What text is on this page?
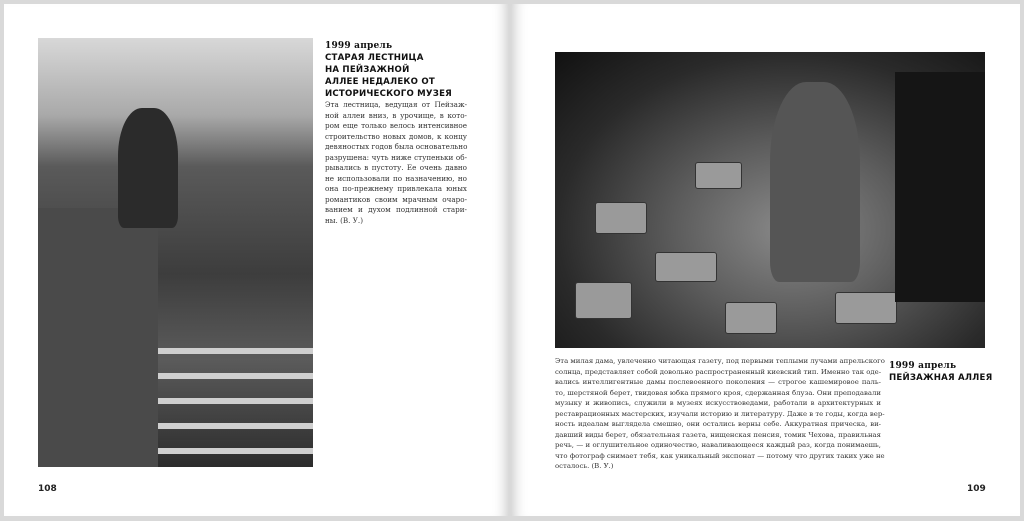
1999 апрель
СТАРАЯ ЛЕСТНИЦА
НА ПЕЙЗАЖНОЙ
АЛЛЕЕ НЕДАЛЕКО ОТ
ИСТОРИЧЕСКОГО МУЗЕЯ
Эта лестница, ведущая от Пейзаж-
ной аллеи вниз, в урочище, в кото-
ром еще только велось интенсивное
строительство новых домов, к концу
девяностых годов была основательно
разрушена: чуть ниже ступеньки об-
рывались в пустоту. Ее очень давно
не использовали по назначению, но
она по-прежнему привлекала юных
романтиков своим мрачным очаро-
ванием и духом подлинной стари-
ны. (В. У.)
108
Эта милая дама, увлеченно читающая газету, под первыми теплыми лучами апрельского
солнца, представляет собой довольно распространенный киевский тип. Именно так оде-
вались интеллигентные дамы послевоенного поколения — строгое кашемировое паль-
то, шерстяной берет, твидовая юбка прямого кроя, сдержанная блуза. Они преподавали
музыку и живопись, служили в музеях искусствоведами, работали в архитектурных и
реставрационных мастерских, изучали историю и литературу. Даже в те годы, когда вер-
ность идеалам выглядела смешно, они остались верны себе. Аккуратная прическа, ви-
давший виды берет, обязательная газета, нищенская пенсия, томик Чехова, правильная
речь, — и оглушительное одиночество, наваливающееся каждый раз, когда понимаешь,
что фотограф снимает тебя, как уникальный экспонат — потому что других таких уже не
осталось. (В. У.)
1999 апрель
ПЕЙЗАЖНАЯ АЛЛЕЯ
109
